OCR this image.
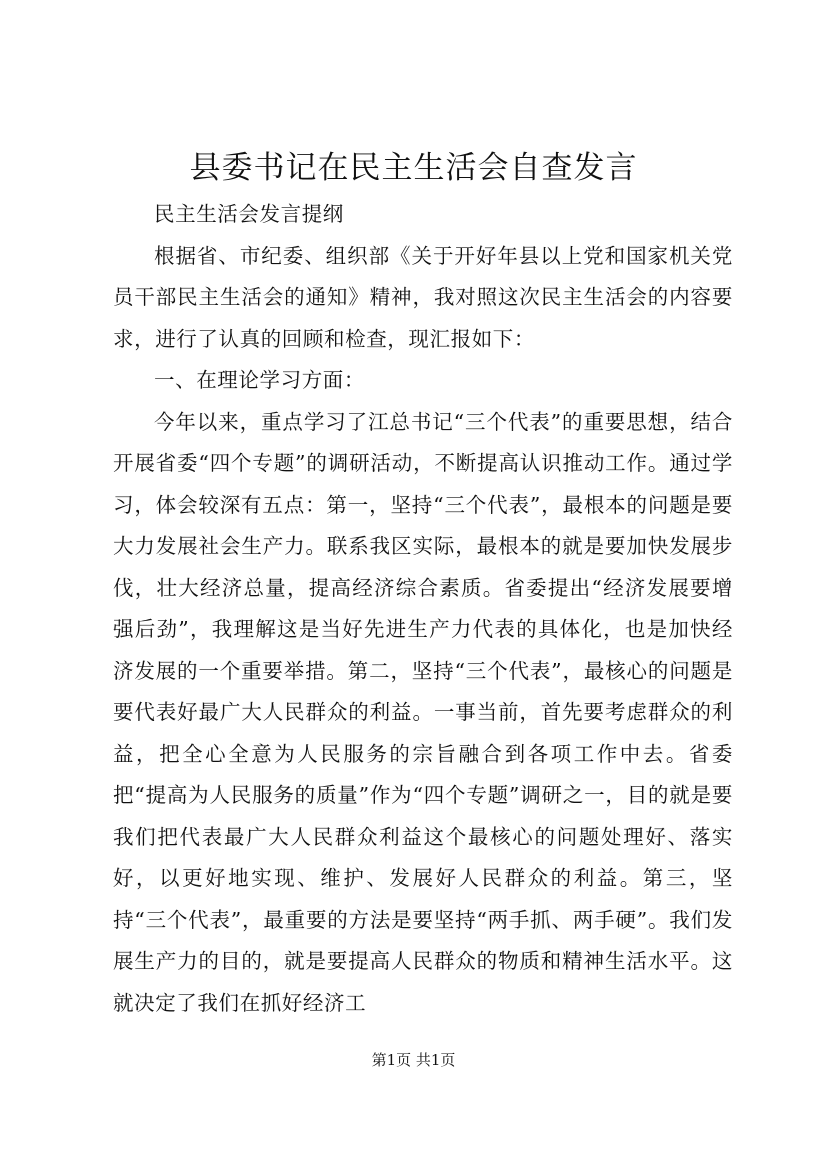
县委书记在民主生活会自查发言

民主生活会发言提纲

根据省、市纪委、组织部《关于开好年县以上党和国家机关党员干部民主生活会的通知》精神，我对照这次民主生活会的内容要求，进行了认真的回顾和检查，现汇报如下：

一、在理论学习方面：

今年以来，重点学习了江总书记“三个代表”的重要思想，结合开展省委“四个专题”的调研活动，不断提高认识推动工作。通过学习，体会较深有五点：第一，坚持“三个代表”，最根本的问题是要大力发展社会生产力。联系我区实际，最根本的就是要加快发展步伐，壮大经济总量，提高经济综合素质。省委提出“经济发展要增强后劲”，我理解这是当好先进生产力代表的具体化，也是加快经济发展的一个重要举措。第二，坚持“三个代表”，最核心的问题是要代表好最广大人民群众的利益。一事当前，首先要考虑群众的利益，把全心全意为人民服务的宗旨融合到各项工作中去。省委把“提高为人民服务的质量”作为“四个专题”调研之一，目的就是要我们把代表最广大人民群众利益这个最核心的问题处理好、落实好，以更好地实现、维护、发展好人民群众的利益。第三，坚持“三个代表”，最重要的方法是要坚持“两手抓、两手硬”。我们发展生产力的目的，就是要提高人民群众的物质和精神生活水平。这就决定了我们在抓好经济工

第1页 共1页
